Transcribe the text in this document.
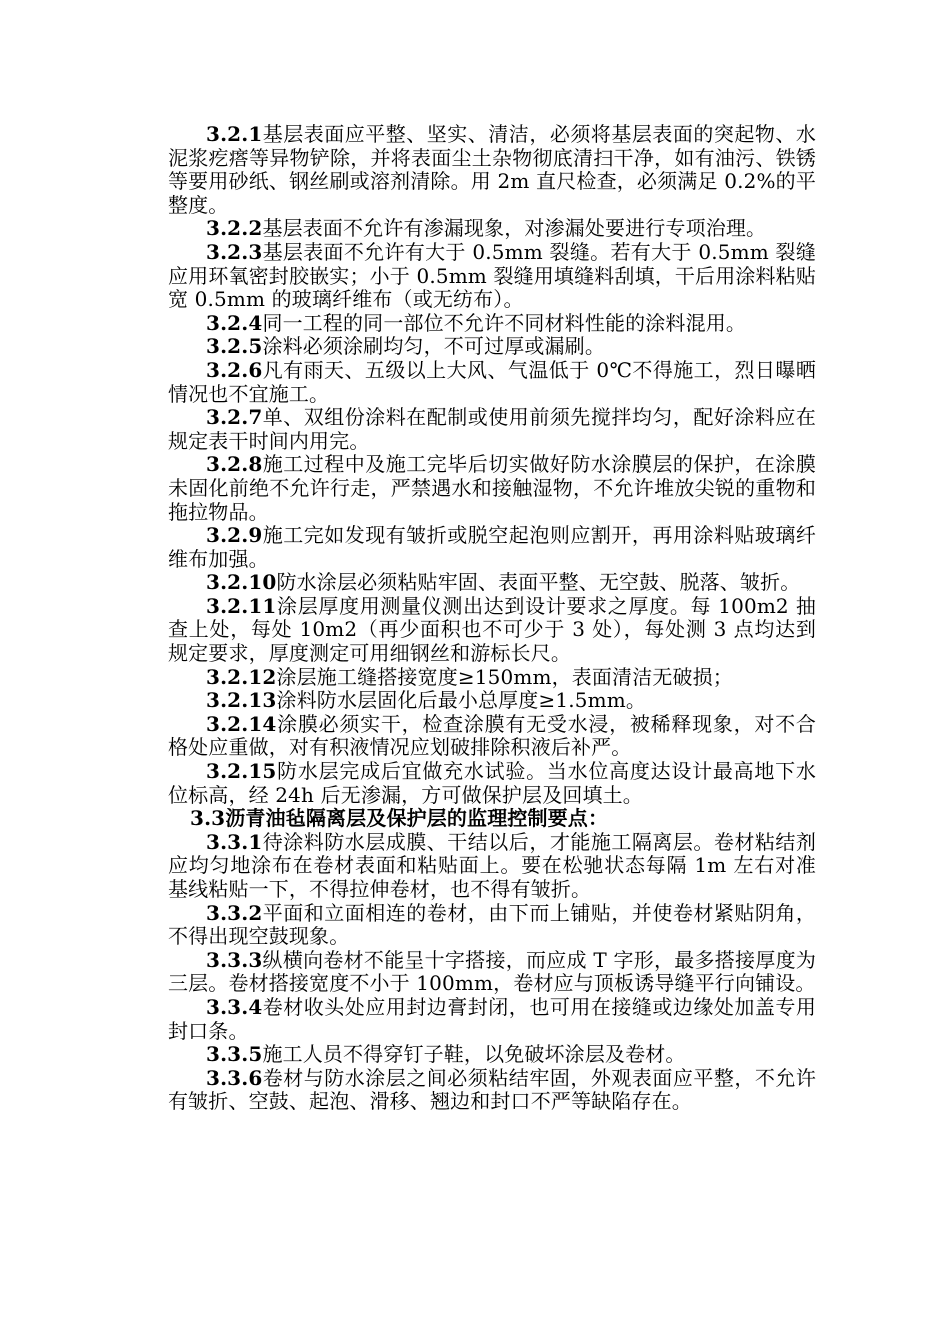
3.2.1基层表面应平整、坚实、清洁，必须将基层表面的突起物、水泥浆疙瘩等异物铲除，并将表面尘土杂物彻底清扫干净，如有油污、铁锈等要用砂纸、钢丝刷或溶剂清除。用 2m 直尺检查，必须满足 0.2%的平整度。

3.2.2基层表面不允许有渗漏现象，对渗漏处要进行专项治理。

3.2.3基层表面不允许有大于 0.5mm 裂缝。若有大于 0.5mm 裂缝应用环氧密封胶嵌实；小于 0.5mm 裂缝用填缝料刮填，干后用涂料粘贴宽 0.5mm 的玻璃纤维布（或无纺布）。

3.2.4同一工程的同一部位不允许不同材料性能的涂料混用。

3.2.5涂料必须涂刷均匀，不可过厚或漏刷。

3.2.6凡有雨天、五级以上大风、气温低于 0℃不得施工，烈日曝晒情况也不宜施工。

3.2.7单、双组份涂料在配制或使用前须先搅拌均匀，配好涂料应在规定表干时间内用完。

3.2.8施工过程中及施工完毕后切实做好防水涂膜层的保护，在涂膜未固化前绝不允许行走，严禁遇水和接触湿物，不允许堆放尖锐的重物和拖拉物品。

3.2.9施工完如发现有皱折或脱空起泡则应割开，再用涂料贴玻璃纤维布加强。

3.2.10防水涂层必须粘贴牢固、表面平整、无空鼓、脱落、皱折。

3.2.11涂层厚度用测量仪测出达到设计要求之厚度。每 100m2 抽查上处，每处 10m2（再少面积也不可少于 3 处），每处测 3 点均达到规定要求，厚度测定可用细钢丝和游标长尺。

3.2.12涂层施工缝搭接宽度≥150mm，表面清洁无破损；

3.2.13涂料防水层固化后最小总厚度≥1.5mm。

3.2.14涂膜必须实干，检查涂膜有无受水浸，被稀释现象，对不合格处应重做，对有积液情况应划破排除积液后补严。

3.2.15防水层完成后宜做充水试验。当水位高度达设计最高地下水位标高，经 24h 后无渗漏，方可做保护层及回填土。

3.3沥青油毡隔离层及保护层的监理控制要点：

3.3.1待涂料防水层成膜、干结以后，才能施工隔离层。卷材粘结剂应均匀地涂布在卷材表面和粘贴面上。要在松驰状态每隔 1m 左右对准基线粘贴一下，不得拉伸卷材，也不得有皱折。

3.3.2平面和立面相连的卷材，由下而上铺贴，并使卷材紧贴阴角，不得出现空鼓现象。

3.3.3纵横向卷材不能呈十字搭接，而应成 T 字形，最多搭接厚度为三层。卷材搭接宽度不小于 100mm，卷材应与顶板诱导缝平行向铺设。

3.3.4卷材收头处应用封边膏封闭，也可用在接缝或边缘处加盖专用封口条。

3.3.5施工人员不得穿钉子鞋，以免破坏涂层及卷材。

3.3.6卷材与防水涂层之间必须粘结牢固，外观表面应平整，不允许有皱折、空鼓、起泡、滑移、翘边和封口不严等缺陷存在。
